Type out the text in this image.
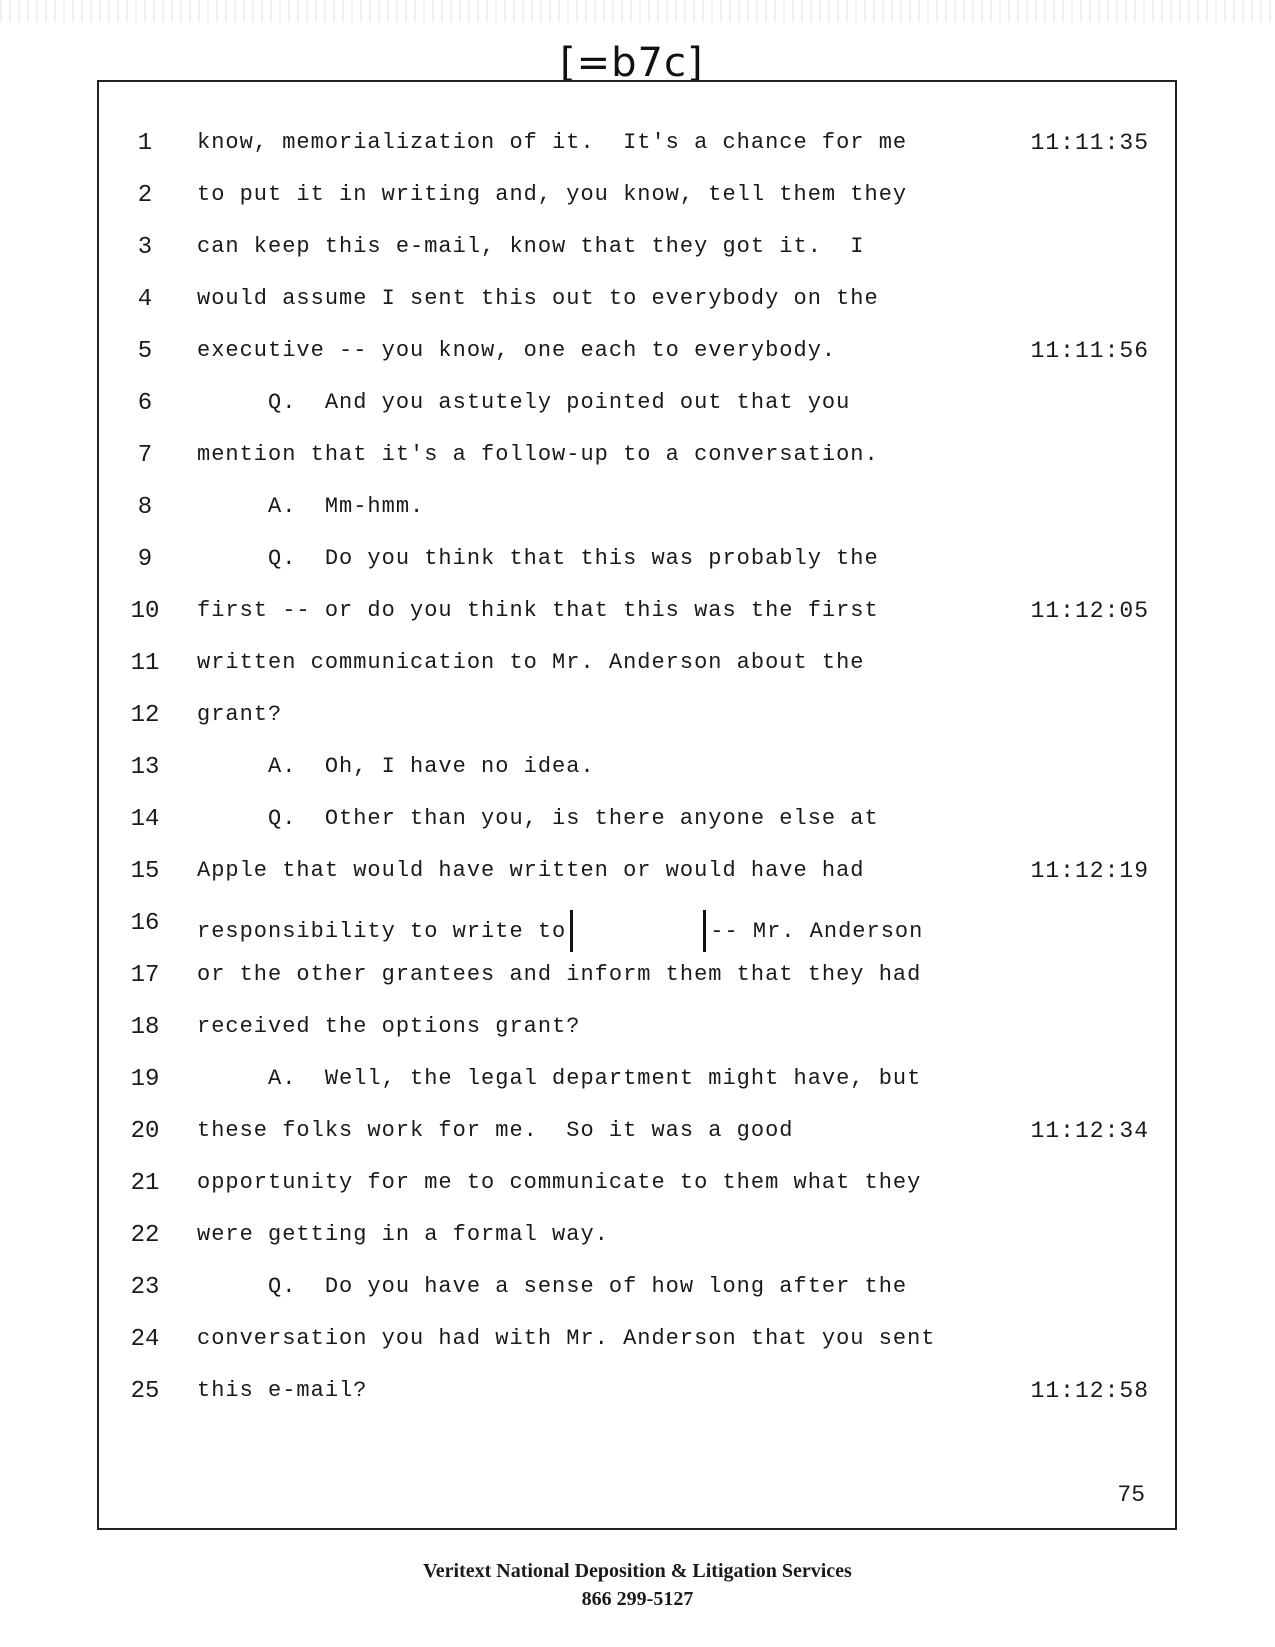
[=b7c]
1	know, memorialization of it.  It's a chance for me	11:11:35
2	to put it in writing and, you know, tell them they
3	can keep this e-mail, know that they got it.  I
4	would assume I sent this out to everybody on the
5	executive -- you know, one each to everybody.	11:11:56
6	Q.  And you astutely pointed out that you
7	mention that it's a follow-up to a conversation.
8	A.  Mm-hmm.
9	Q.  Do you think that this was probably the
10	first -- or do you think that this was the first	11:12:05
11	written communication to Mr. Anderson about the
12	grant?
13	A.  Oh, I have no idea.
14	Q.  Other than you, is there anyone else at
15	Apple that would have written or would have had	11:12:19
16	responsibility to write to	-- Mr. Anderson
17	or the other grantees and inform them that they had
18	received the options grant?
19	A.  Well, the legal department might have, but
20	these folks work for me.  So it was a good	11:12:34
21	opportunity for me to communicate to them what they
22	were getting in a formal way.
23	Q.  Do you have a sense of how long after the
24	conversation you had with Mr. Anderson that you sent
25	this e-mail?	11:12:58
75
Veritext National Deposition & Litigation Services
866 299-5127
